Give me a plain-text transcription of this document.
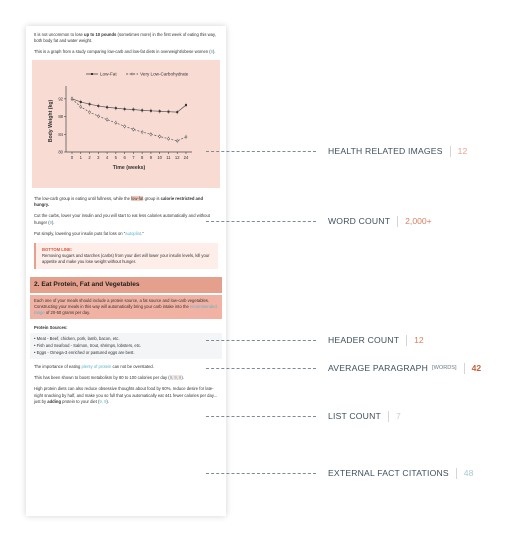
It is not uncommon to lose up to 10 pounds (sometimes more) in the first week of eating this way, both body fat and water weight.

This is a graph from a study comparing low-carb and low-fat diets in overweight/obese women (8).

80
84
88
92
0 1 2 3 4 5 6 7 8 9 10 11 12 24
Time (weeks)
Body Weight (kg)
Low-Fat	Very Low-Carbohydrate

The low-carb group is eating until fullness, while the low-fat group is calorie restricted and hungry.

Cut the carbs, lower your insulin and you will start to eat less calories automatically and without hunger (9).

Put simply, lowering your insulin puts fat loss on "autopilot."

BOTTOM LINE:
Removing sugars and starches (carbs) from your diet will lower your insulin levels, kill your appetite and make you lose weight without hunger.
2. Eat Protein, Fat and Vegetables
Each one of your meals should include a protein source, a fat source and low-carb vegetables. Constructing your meals in this way will automatically bring your carb intake into the recommended range of 20-50 grams per day.

Protein Sources:

• Meat - Beef, chicken, pork, lamb, bacon, etc.
• Fish and Seafood - Salmon, trout, shrimps, lobsters, etc.
• Eggs - Omega-3 enriched or pastured eggs are best.

The importance of eating plenty of protein can not be overstated.

This has been shown to boost metabolism by 80 to 100 calories per day (9, 9, 9).

High protein diets can also reduce obsessive thoughts about food by 60%, reduce desire for late-night snacking by half, and make you so full that you automatically eat 441 fewer calories per day... just by adding protein to your diet (9, 9).

HEALTH RELATED IMAGES 12
WORD COUNT 2,000+
HEADER COUNT 12
AVERAGE PARAGRAPH [WORDS] 42
LIST COUNT 7
EXTERNAL FACT CITATIONS 48
